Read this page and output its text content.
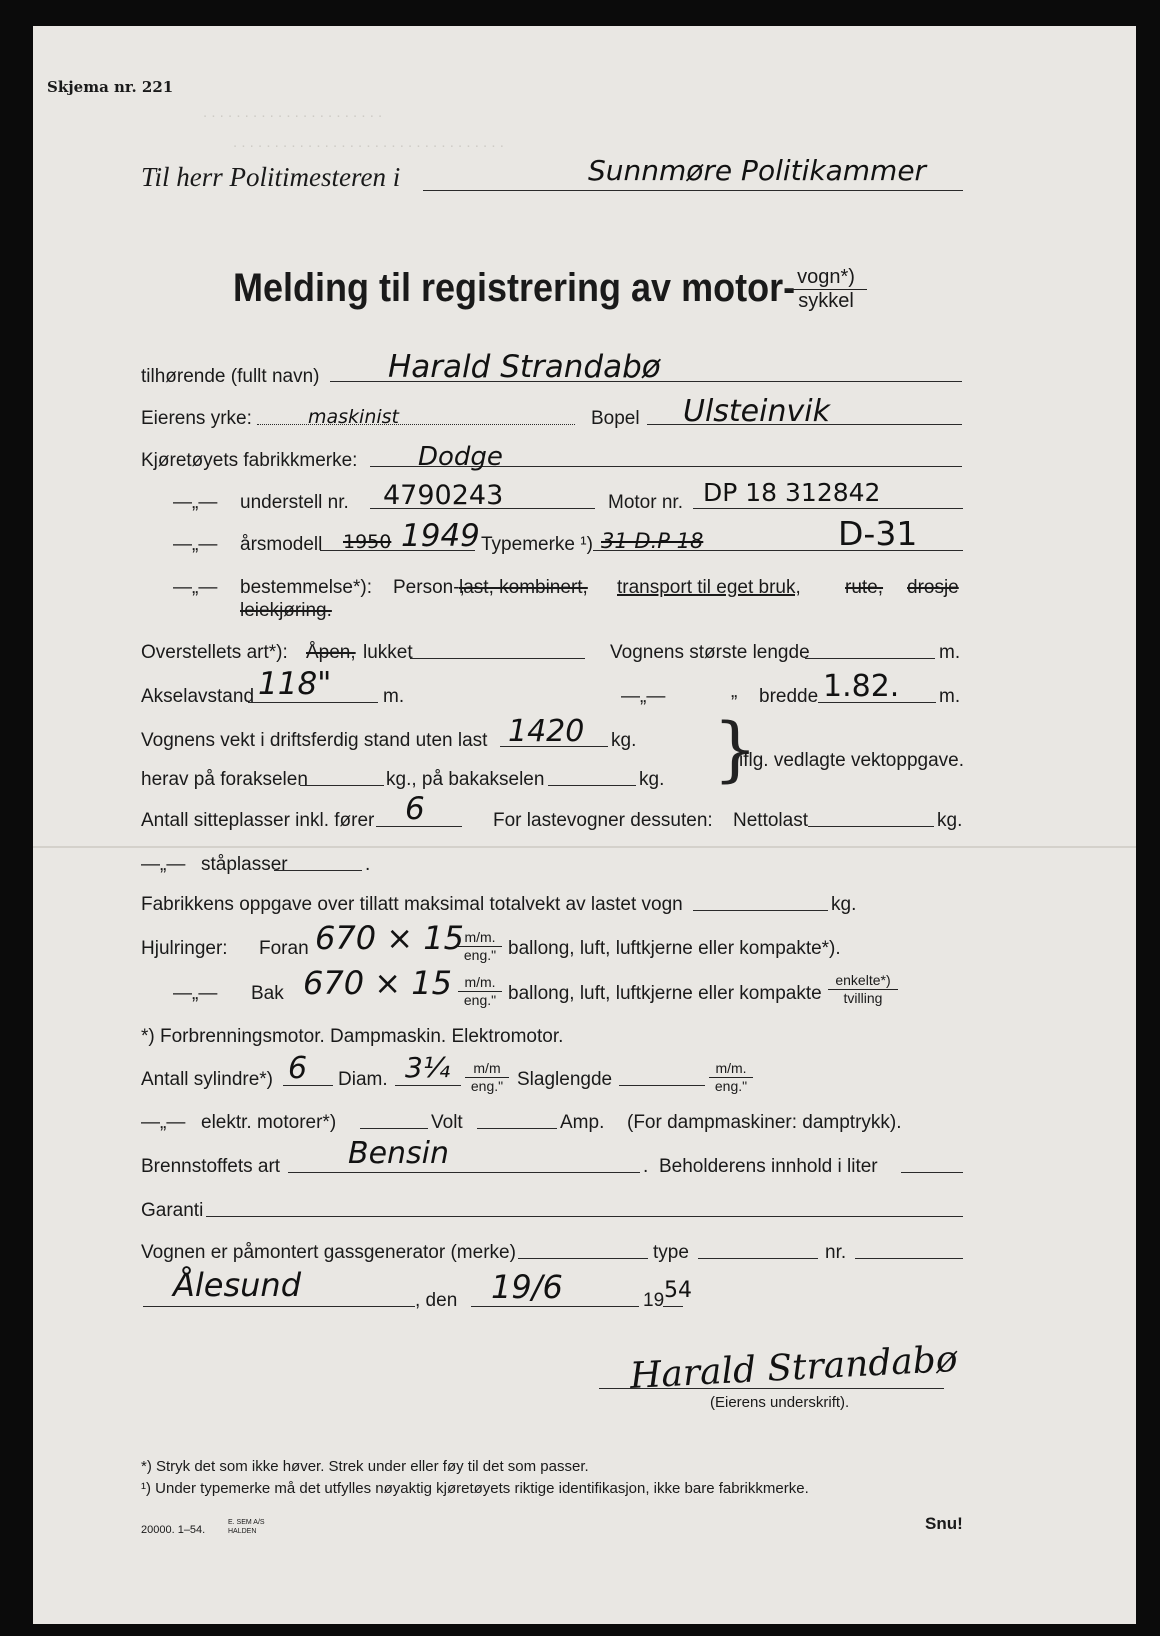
. . . . . . . . . . . . . . . . . . . . . .
. . . . . . . . . . . . . . . . . . . . . . . . . . . . . . . . .
Skjema nr. 221
Til herr Politimesteren i	Sunnmøre Politikammer
Melding til registrering av motor- vogn*)
sykkel
tilhørende (fullt navn) Harald Strandabø
Eierens yrke:	maskinist	Bopel Ulsteinvik
Kjøretøyets fabrikkmerke: Dodge
—„— understell nr. 4790243	Motor nr. DP 18 312842
—„— årsmodell 1950 1949 Typemerke ¹) 31 D.P 18	D-31
—„— bestemmelse*): Person-,
last, kombinert, transport til eget bruk, rute, drosje
leiekjøring.
Overstellets art*): Åpen, lukket	Vognens største lengde	m.
Akselavstand 118"	m.	—„—	„ bredde 1.82. m.
Vognens vekt i driftsferdig stand uten last 1420 kg.
herav på forakselen	kg., på bakakselen	kg. }
iflg. vedlagte vektoppgave.
Antall sitteplasser inkl. fører 6	For lastevogner dessuten: Nettolast	kg.
—„— ståplasser	.
Fabrikkens oppgave over tillatt maksimal totalvekt av lastet vogn	kg.
Hjulringer: Foran 670 × 15 m/m.
eng." ballong, luft, luftkjerne eller kompakte*).
—„— Bak 670 × 15 m/m.
eng." ballong, luft, luftkjerne eller kompakte
enkelte*)
tvilling
*) Forbrenningsmotor. Dampmaskin. Elektromotor.
Antall sylindre*) 6 Diam. 3¼	m/m
eng." Slaglengde
m/m.
eng."
—„— elektr. motorer*)	Volt	Amp. (For dampmaskiner: damptrykk).
Brennstoffets art Bensin	. Beholderens innhold i liter
Garanti
Vognen er påmontert gassgenerator (merke)	type	nr.
Ålesund	, den 19/6	19 54
Harald Strandabø
(Eierens underskrift).
*) Stryk det som ikke høver. Strek under eller føy til det som passer.
¹) Under typemerke må det utfylles nøyaktig kjøretøyets riktige identifikasjon, ikke bare fabrikkmerke.
20000. 1–54.
E. SEM A/S HALDEN	Snu!
